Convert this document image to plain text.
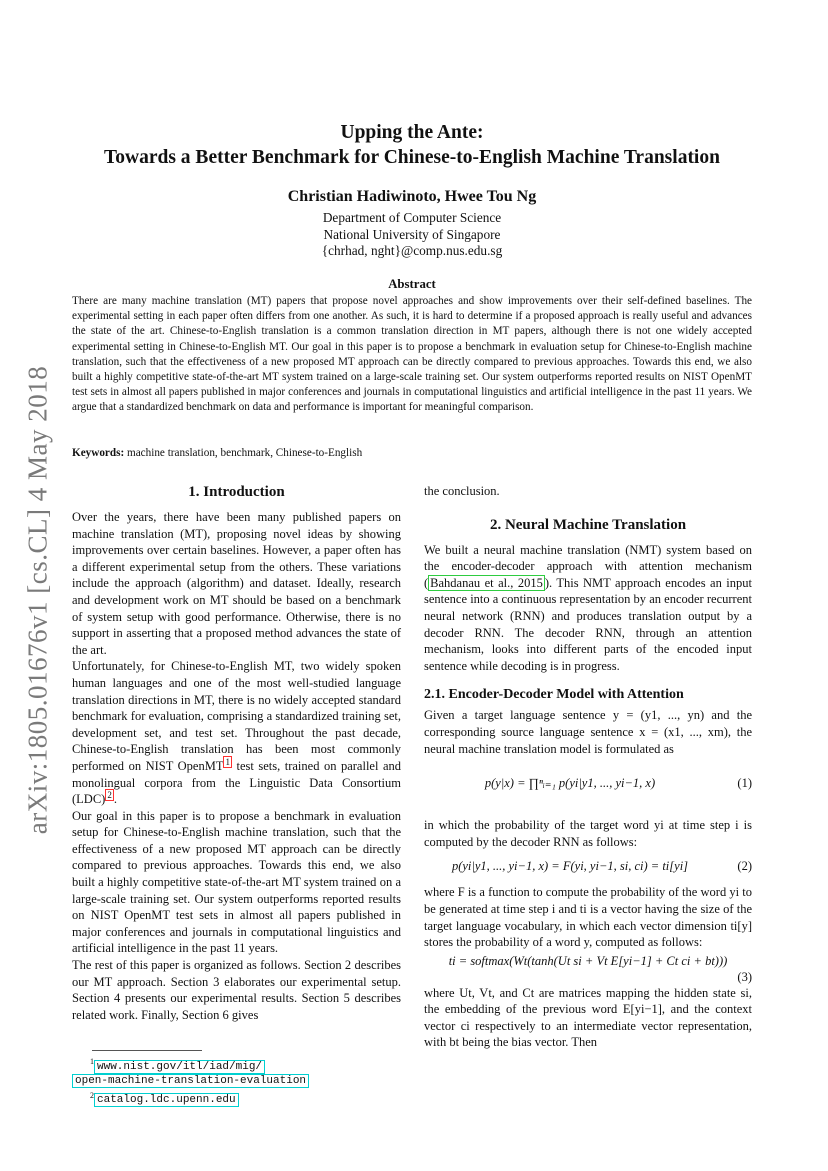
arXiv:1805.01676v1 [cs.CL] 4 May 2018
Upping the Ante:
Towards a Better Benchmark for Chinese-to-English Machine Translation
Christian Hadiwinoto, Hwee Tou Ng
Department of Computer Science
National University of Singapore
{chrhad, nght}@comp.nus.edu.sg
Abstract
There are many machine translation (MT) papers that propose novel approaches and show improvements over their self-defined baselines. The experimental setting in each paper often differs from one another. As such, it is hard to determine if a proposed approach is really useful and advances the state of the art. Chinese-to-English translation is a common translation direction in MT papers, although there is not one widely accepted experimental setting in Chinese-to-English MT. Our goal in this paper is to propose a benchmark in evaluation setup for Chinese-to-English machine translation, such that the effectiveness of a new proposed MT approach can be directly compared to previous approaches. Towards this end, we also built a highly competitive state-of-the-art MT system trained on a large-scale training set. Our system outperforms reported results on NIST OpenMT test sets in almost all papers published in major conferences and journals in computational linguistics and artificial intelligence in the past 11 years. We argue that a standardized benchmark on data and performance is important for meaningful comparison.
Keywords: machine translation, benchmark, Chinese-to-English
1. Introduction

Over the years, there have been many published papers on machine translation (MT), proposing novel ideas by showing improvements over certain baselines. However, a paper often has a different experimental setup from the others. These variations include the approach (algorithm) and dataset. Ideally, research and development work on MT should be based on a benchmark of system setup with good performance. Otherwise, there is no support in asserting that a proposed method advances the state of the art.

Unfortunately, for Chinese-to-English MT, two widely spoken human languages and one of the most well-studied language translation directions in MT, there is no widely accepted standard benchmark for evaluation, comprising a standardized training set, development set, and test set. Throughout the past decade, Chinese-to-English translation has been most commonly performed on NIST OpenMT $^1$ test sets, trained on parallel and monolingual corpora from the Linguistic Data Consortium (LDC) $^2$ .

Our goal in this paper is to propose a benchmark in evaluation setup for Chinese-to-English machine translation, such that the effectiveness of a new proposed MT approach can be directly compared to previous approaches. Towards this end, we also built a highly competitive state-of-the-art MT system trained on a large-scale training set. Our system outperforms reported results on NIST OpenMT test sets in almost all papers published in major conferences and journals in computational linguistics and artificial intelligence in the past 11 years.

The rest of this paper is organized as follows. Section 2 describes our MT approach. Section 3 elaborates our experimental setup. Section 4 presents our experimental results. Section 5 describes related work. Finally, Section 6 gives

the conclusion.

2. Neural Machine Translation

We built a neural machine translation (NMT) system based on the encoder-decoder approach with attention mechanism ( Bahdanau et al., 2015 ). This NMT approach encodes an input sentence into a continuous representation by an encoder recurrent neural network (RNN) and produces translation output by a decoder RNN. The decoder RNN, through an attention mechanism, looks into different parts of the encoded input sentence while decoding is in progress.

2.1. Encoder-Decoder Model with Attention

Given a target language sentence y = (y1, ..., yn) and the corresponding source language sentence x = (x1, ..., xm), the neural machine translation model is formulated as

p(y|x) = ∏ⁿᵢ₌₁ p(yi|y1, ..., yi−1, x)	(1)

in which the probability of the target word yi at time step i is computed by the decoder RNN as follows:

p(yi|y1, ..., yi−1, x) = F(yi, yi−1, si, ci) = ti[yi]	(2)

where F is a function to compute the probability of the word yi to be generated at time step i and ti is a vector having the size of the target language vocabulary, in which each vector dimension ti[y] stores the probability of a word y, computed as follows:

ti = softmax(Wt(tanh(Ut si + Vt E[yi−1] + Ct ci + bt)))
(3)

where Ut, Vt, and Ct are matrices mapping the hidden state si, the embedding of the previous word E[yi−1], and the context vector ci respectively to an intermediate vector representation, with bt being the bias vector. Then

$^1$ www.nist.gov/itl/iad/mig/
open-machine-translation-evaluation
$^2$ catalog.ldc.upenn.edu
